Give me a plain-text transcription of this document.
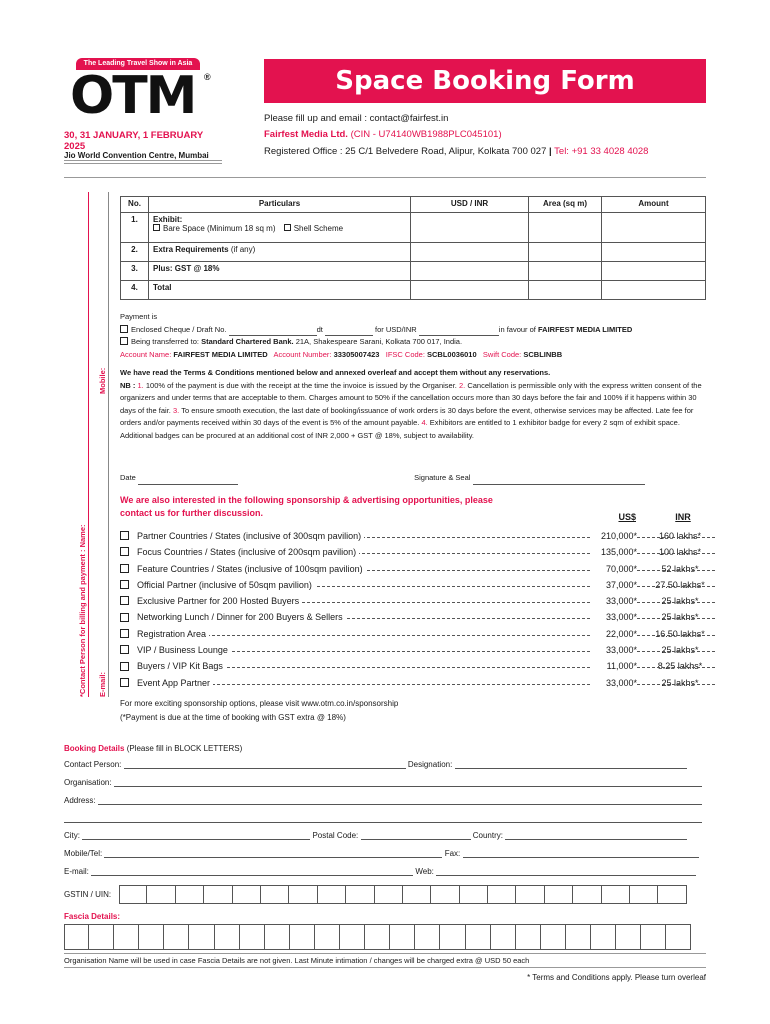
The Leading Travel Show in Asia
OTM ®
30, 31 JANUARY, 1 FEBRUARY 2025
Jio World Convention Centre, Mumbai
Space Booking Form
Please fill up and email : contact@fairfest.in
Fairfest Media Ltd. (CIN - U74140WB1988PLC045101)
Registered Office : 25 C/1 Belvedere Road, Alipur, Kolkata 700 027 | Tel: +91 33 4028 4028
*Contact Person for billing and payment : Name: E-mail:
Mobile:
No.	Particulars	USD / INR	Area (sq m)	Amount
1.	Exhibit:
Bare Space (Minimum 18 sq m) Shell Scheme			

2.	Extra Requirements (if any)			
3.	Plus: GST @ 18%			
4.	Total			
Payment is
Enclosed Cheque / Draft No.	dt	for USD/INR	in favour of FAIRFEST MEDIA LIMITED
Being transferred to: Standard Chartered Bank. 21A, Shakespeare Sarani, Kolkata 700 017, India.
Account Name: FAIRFEST MEDIA LIMITED Account Number: 33305007423 IFSC Code: SCBL0036010 Swift Code: SCBLINBB
We have read the Terms & Conditions mentioned below and annexed overleaf and accept them without any reservations.
NB : 1. 100% of the payment is due with the receipt at the time the invoice is issued by the Organiser. 2. Cancellation is permissible only with the express written consent of the organizers and under terms that are acceptable to them. Charges amount to 50% if the cancellation occurs more than 30 days before the fair and 100% if it happens within 30 days of the fair. 3. To ensure smooth execution, the last date of booking/issuance of work orders is 30 days before the event, otherwise services may be affected. Late fee for orders and/or payments received within 30 days of the event is 5% of the amount payable. 4. Exhibitors are entitled to 1 exhibitor badge for every 2 sqm of exhibit space. Additional badges can be procured at an additional cost of INR 2,000 + GST @ 18%, subject to availability.
Date	Signature & Seal
We are also interested in the following sponsorship & advertising opportunities, please contact us for further discussion.	US$	INR
Partner Countries / States (inclusive of 300sqm pavilion)	210,000*	160 lakhs*
Focus Countries / States (inclusive of 200sqm pavilion)	135,000*	100 lakhs*
Feature Countries / States (inclusive of 100sqm pavilion)	70,000*	52 lakhs*
Official Partner (inclusive of 50sqm pavilion)	37,000*	27.50 lakhs*
Exclusive Partner for 200 Hosted Buyers	33,000*	25 lakhs*
Networking Lunch / Dinner for 200 Buyers & Sellers	33,000*	25 lakhs*
Registration Area	22,000*	16.50 lakhs*
VIP / Business Lounge	33,000*	25 lakhs*
Buyers / VIP Kit Bags	11,000*	8.25 lakhs*
Event App Partner	33,000*	25 lakhs*
For more exciting sponsorship options, please visit www.otm.co.in/sponsorship
(*Payment is due at the time of booking with GST extra @ 18%)
Booking Details (Please fill in BLOCK LETTERS)
Contact Person:	Designation:
Organisation:
Address:
City:	Postal Code:	Country:
Mobile/Tel:	Fax:
E-mail:	Web:
GSTIN / UIN:
Fascia Details:
Organisation Name will be used in case Fascia Details are not given. Last Minute intimation / changes will be charged extra @ USD 50 each
* Terms and Conditions apply. Please turn overleaf
